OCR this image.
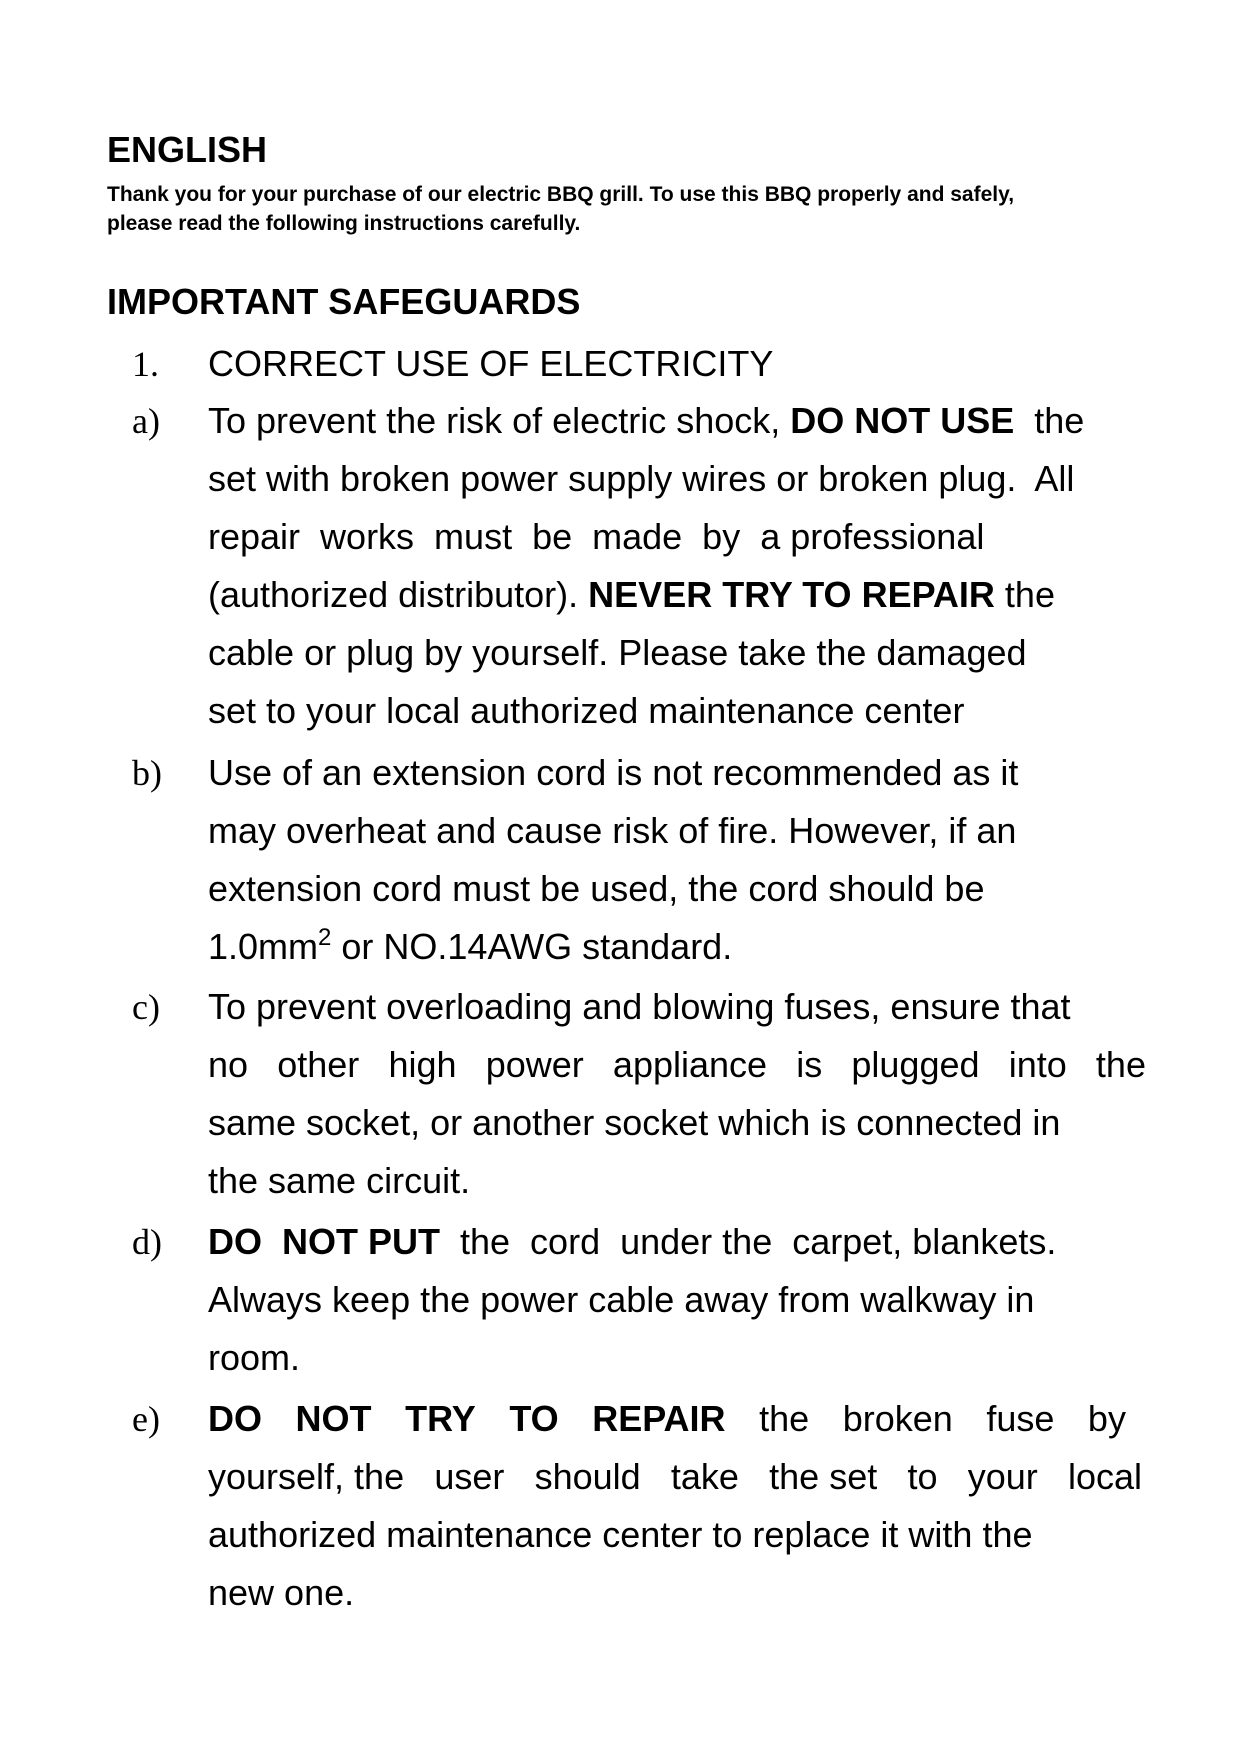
ENGLISH
Thank you for your purchase of our electric BBQ grill. To use this BBQ properly and safely,
please read the following instructions carefully.
IMPORTANT SAFEGUARDS
1. CORRECT USE OF ELECTRICITY
a) To prevent the risk of electric shock, DO NOT USE  the
set with broken power supply wires or broken plug.  All
repair  works  must  be  made  by  a professional
(authorized distributor). NEVER TRY TO REPAIR the
cable or plug by yourself. Please take the damaged
set to your local authorized maintenance center
b) Use of an extension cord is not recommended as it
may overheat and cause risk of fire. However, if an
extension cord must be used, the cord should be
$1.0mm^2$ or NO.14AWG standard.
c) To prevent overloading and blowing fuses, ensure that
no other high power appliance is plugged into the
same socket, or another socket which is connected in
the same circuit.
d) DO  NOT PUT  the  cord  under the  carpet, blankets.
Always keep the power cable away from walkway in
room.
e) DO NOT TRY TO REPAIR the broken fuse by
yourself, the user should take the set to your local
authorized maintenance center to replace it with the
new one.
